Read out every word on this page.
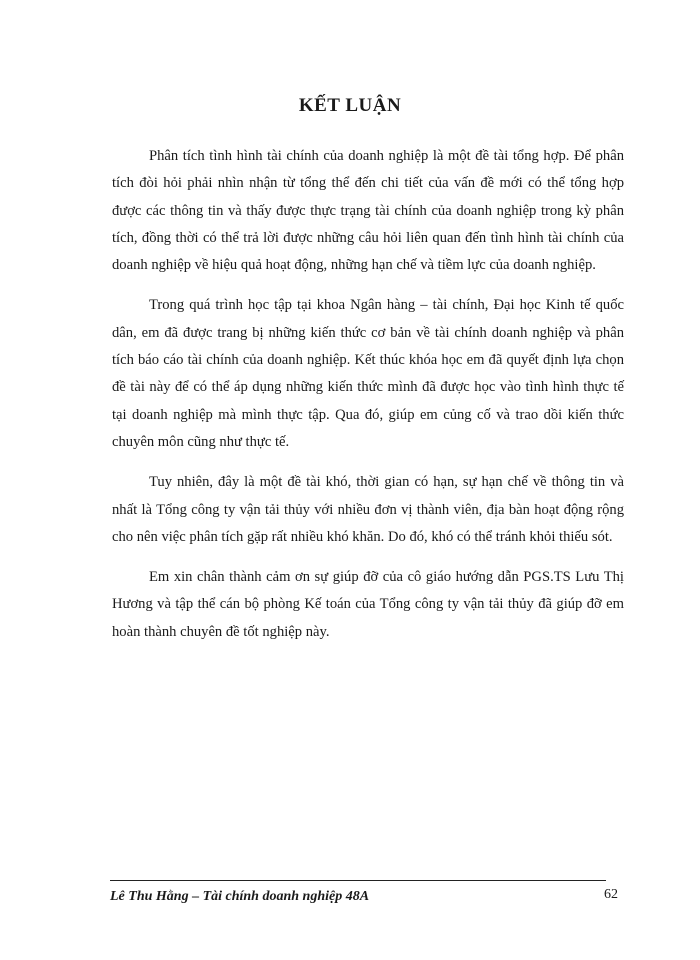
KẾT LUẬN

Phân tích tình hình tài chính của doanh nghiệp là một đề tài tổng hợp. Để phân tích đòi hỏi phải nhìn nhận từ tổng thể đến chi tiết của vấn đề mới có thể tổng hợp được các thông tin và thấy được thực trạng tài chính của doanh nghiệp trong kỳ phân tích, đồng thời có thể trả lời được những câu hỏi liên quan đến tình hình tài chính của doanh nghiệp về hiệu quả hoạt động, những hạn chế và tiềm lực của doanh nghiệp.

Trong quá trình học tập tại khoa Ngân hàng – tài chính, Đại học Kinh tế quốc dân, em đã được trang bị những kiến thức cơ bản về tài chính doanh nghiệp và phân tích báo cáo tài chính của doanh nghiệp. Kết thúc khóa học em đã quyết định lựa chọn đề tài này để có thể áp dụng những kiến thức mình đã được học vào tình hình thực tế tại doanh nghiệp mà mình thực tập. Qua đó, giúp em củng cố và trao dồi kiến thức chuyên môn cũng như thực tế.

Tuy nhiên, đây là một đề tài khó, thời gian có hạn, sự hạn chế về thông tin và nhất là Tổng công ty vận tải thủy với nhiều đơn vị thành viên, địa bàn hoạt động rộng cho nên việc phân tích gặp rất nhiều khó khăn. Do đó, khó có thể tránh khỏi thiếu sót.

Em xin chân thành cảm ơn sự giúp đỡ của cô giáo hướng dẫn PGS.TS Lưu Thị Hương và tập thể cán bộ phòng Kế toán của Tổng công ty vận tải thủy đã giúp đỡ em hoàn thành chuyên đề tốt nghiệp này.

Lê Thu Hằng – Tài chính doanh nghiệp 48A	62
